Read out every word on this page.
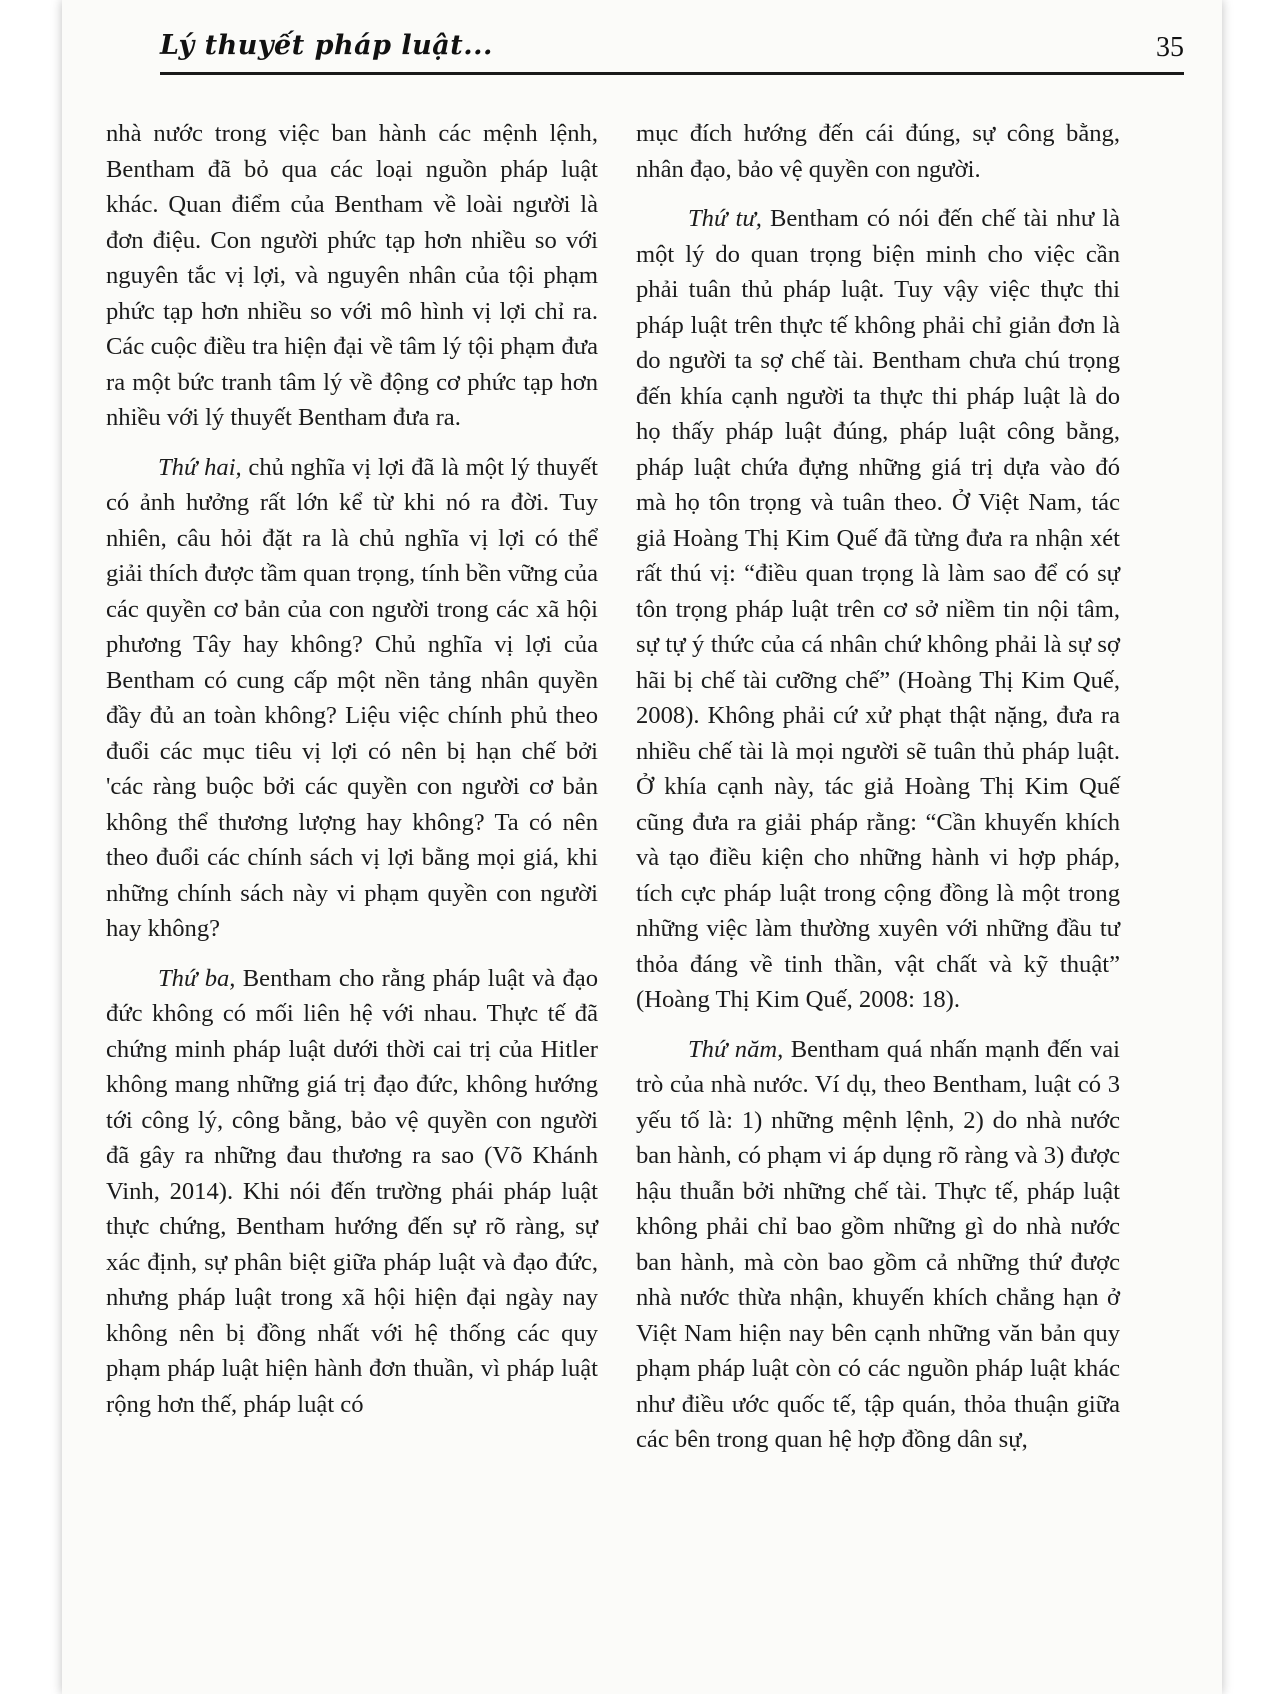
Lý thuyết pháp luật...	35

nhà nước trong việc ban hành các mệnh lệnh, Bentham đã bỏ qua các loại nguồn pháp luật khác. Quan điểm của Bentham về loài người là đơn điệu. Con người phức tạp hơn nhiều so với nguyên tắc vị lợi, và nguyên nhân của tội phạm phức tạp hơn nhiều so với mô hình vị lợi chỉ ra. Các cuộc điều tra hiện đại về tâm lý tội phạm đưa ra một bức tranh tâm lý về động cơ phức tạp hơn nhiều với lý thuyết Bentham đưa ra.

Thứ hai, chủ nghĩa vị lợi đã là một lý thuyết có ảnh hưởng rất lớn kể từ khi nó ra đời. Tuy nhiên, câu hỏi đặt ra là chủ nghĩa vị lợi có thể giải thích được tầm quan trọng, tính bền vững của các quyền cơ bản của con người trong các xã hội phương Tây hay không? Chủ nghĩa vị lợi của Bentham có cung cấp một nền tảng nhân quyền đầy đủ an toàn không? Liệu việc chính phủ theo đuổi các mục tiêu vị lợi có nên bị hạn chế bởi 'các ràng buộc bởi các quyền con người cơ bản không thể thương lượng hay không? Ta có nên theo đuổi các chính sách vị lợi bằng mọi giá, khi những chính sách này vi phạm quyền con người hay không?

Thứ ba, Bentham cho rằng pháp luật và đạo đức không có mối liên hệ với nhau. Thực tế đã chứng minh pháp luật dưới thời cai trị của Hitler không mang những giá trị đạo đức, không hướng tới công lý, công bằng, bảo vệ quyền con người đã gây ra những đau thương ra sao (Võ Khánh Vinh, 2014). Khi nói đến trường phái pháp luật thực chứng, Bentham hướng đến sự rõ ràng, sự xác định, sự phân biệt giữa pháp luật và đạo đức, nhưng pháp luật trong xã hội hiện đại ngày nay không nên bị đồng nhất với hệ thống các quy phạm pháp luật hiện hành đơn thuần, vì pháp luật rộng hơn thế, pháp luật có

mục đích hướng đến cái đúng, sự công bằng, nhân đạo, bảo vệ quyền con người.

Thứ tư, Bentham có nói đến chế tài như là một lý do quan trọng biện minh cho việc cần phải tuân thủ pháp luật. Tuy vậy việc thực thi pháp luật trên thực tế không phải chỉ giản đơn là do người ta sợ chế tài. Bentham chưa chú trọng đến khía cạnh người ta thực thi pháp luật là do họ thấy pháp luật đúng, pháp luật công bằng, pháp luật chứa đựng những giá trị dựa vào đó mà họ tôn trọng và tuân theo. Ở Việt Nam, tác giả Hoàng Thị Kim Quế đã từng đưa ra nhận xét rất thú vị: “điều quan trọng là làm sao để có sự tôn trọng pháp luật trên cơ sở niềm tin nội tâm, sự tự ý thức của cá nhân chứ không phải là sự sợ hãi bị chế tài cưỡng chế” (Hoàng Thị Kim Quế, 2008). Không phải cứ xử phạt thật nặng, đưa ra nhiều chế tài là mọi người sẽ tuân thủ pháp luật. Ở khía cạnh này, tác giả Hoàng Thị Kim Quế cũng đưa ra giải pháp rằng: “Cần khuyến khích và tạo điều kiện cho những hành vi hợp pháp, tích cực pháp luật trong cộng đồng là một trong những việc làm thường xuyên với những đầu tư thỏa đáng về tinh thần, vật chất và kỹ thuật” (Hoàng Thị Kim Quế, 2008: 18).

Thứ năm, Bentham quá nhấn mạnh đến vai trò của nhà nước. Ví dụ, theo Bentham, luật có 3 yếu tố là: 1) những mệnh lệnh, 2) do nhà nước ban hành, có phạm vi áp dụng rõ ràng và 3) được hậu thuẫn bởi những chế tài. Thực tế, pháp luật không phải chỉ bao gồm những gì do nhà nước ban hành, mà còn bao gồm cả những thứ được nhà nước thừa nhận, khuyến khích chẳng hạn ở Việt Nam hiện nay bên cạnh những văn bản quy phạm pháp luật còn có các nguồn pháp luật khác như điều ước quốc tế, tập quán, thỏa thuận giữa các bên trong quan hệ hợp đồng dân sự,
